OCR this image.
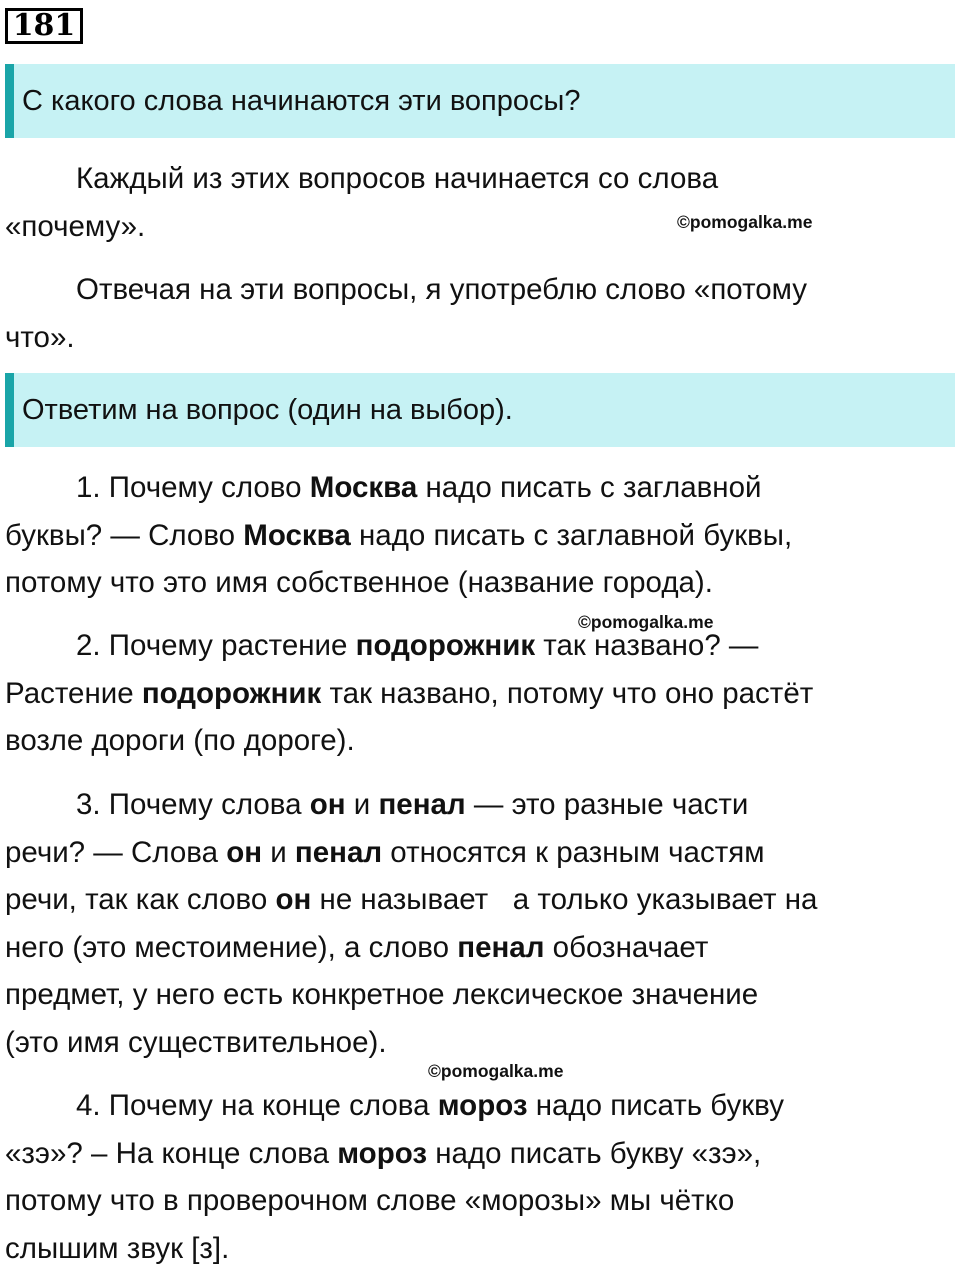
181
С какого слова начинаются эти вопросы?
Каждый из этих вопросов начинается со слова
«почему».	©pomogalka.me
Отвечая на эти вопросы, я употреблю слово «потому
что».
Ответим на вопрос (один на выбор).
1. Почему слово Москва надо писать с заглавной
буквы? — Слово Москва надо писать с заглавной буквы,
потому что это имя собственное (название города).
©pomogalka.me
2. Почему растение подорожник так названо? —
Растение подорожник так названо, потому что оно растёт
возле дороги (по дороге).
3. Почему слова он и пенал — это разные части
речи? — Слова он и пенал относятся к разным частям
речи, так как слово он не называет   а только указывает на
него (это местоимение), а слово пенал обозначает
предмет, у него есть конкретное лексическое значение
(это имя существительное).
©pomogalka.me
4. Почему на конце слова мороз надо писать букву
«зэ»? – На конце слова мороз надо писать букву «зэ»,
потому что в проверочном слове «морозы» мы чётко
слышим звук [з].
